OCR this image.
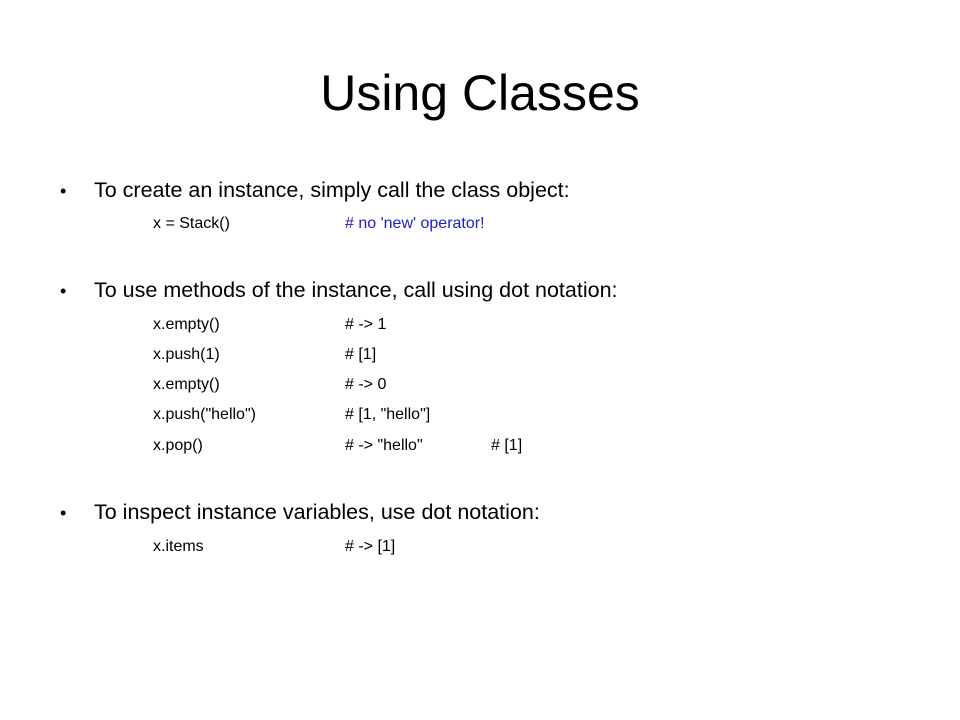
Using Classes
•	To create an instance, simply call the class object:
x = Stack()	# no 'new' operator!
•	To use methods of the instance, call using dot notation:
x.empty()	# -> 1
x.push(1)	# [1]
x.empty()	# -> 0
x.push("hello")	# [1, "hello"]
x.pop()	# -> "hello"	# [1]
•	To inspect instance variables, use dot notation:
x.items	# -> [1]
